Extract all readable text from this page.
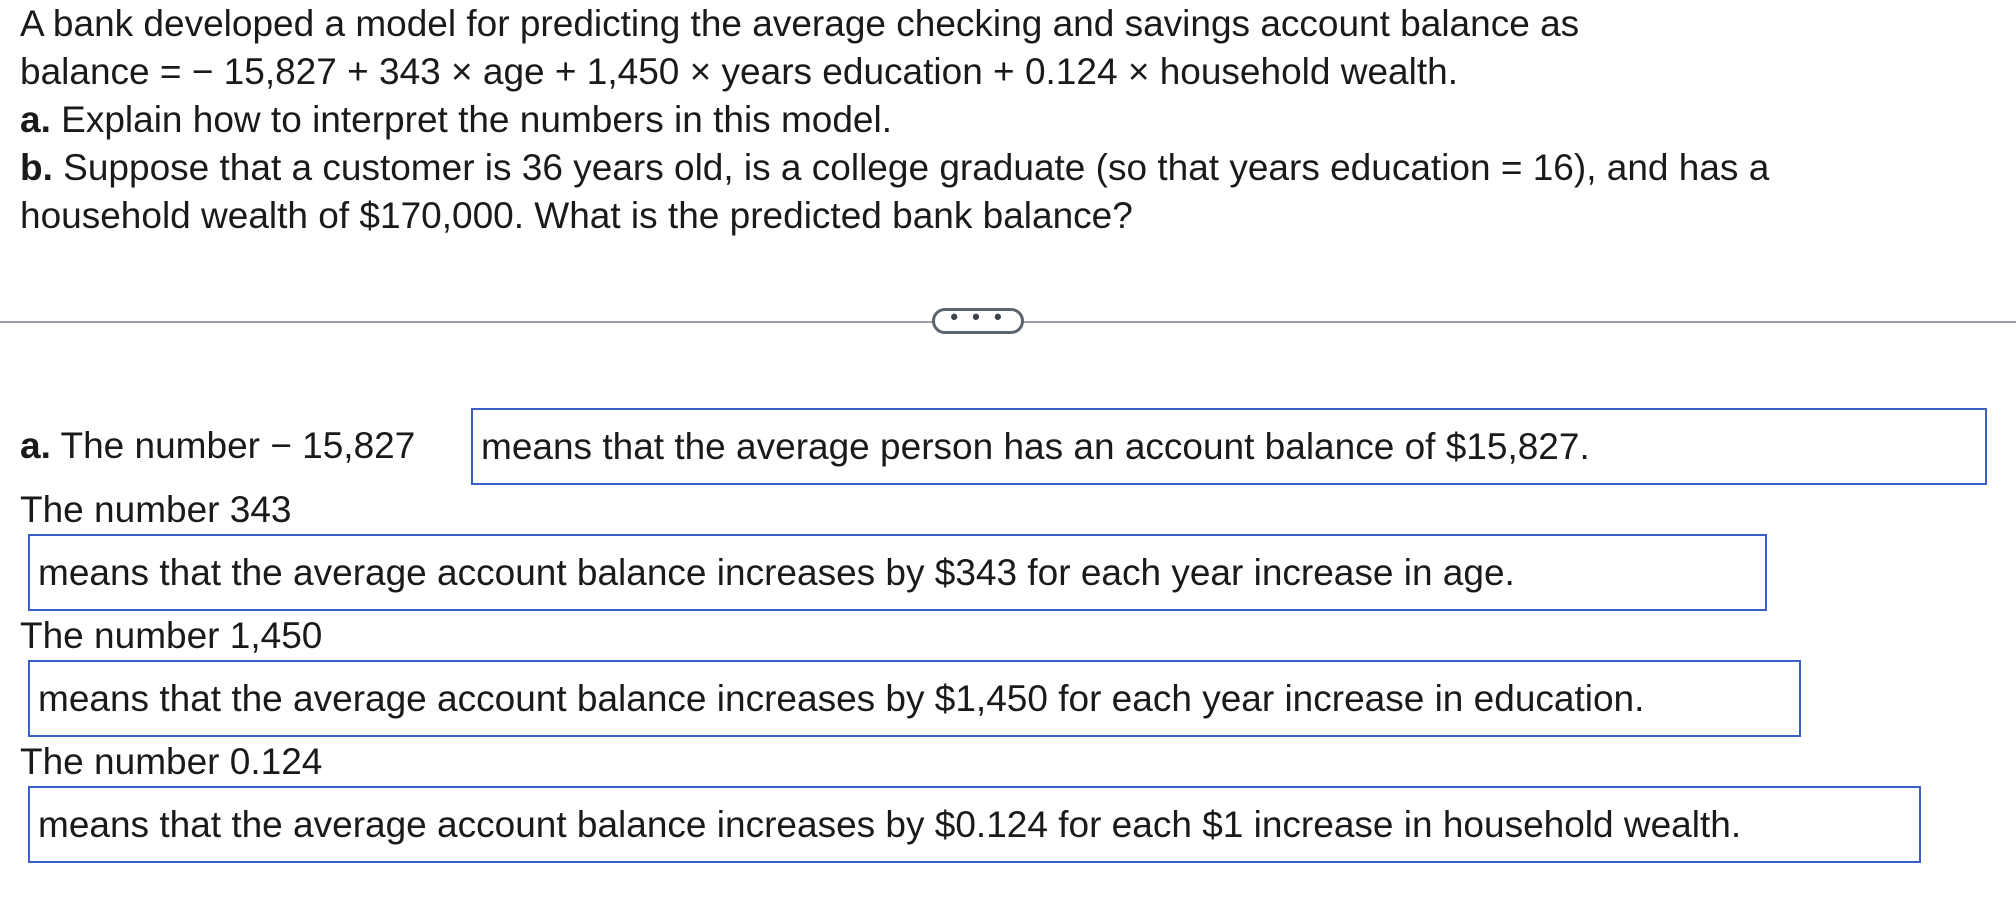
A bank developed a model for predicting the average checking and savings account balance as
balance = − 15,827 + 343 × age + 1,450 × years education + 0.124 × household wealth.
a. Explain how to interpret the numbers in this model.
b. Suppose that a customer is 36 years old, is a college graduate (so that years education = 16), and has a
household wealth of $170,000. What is the predicted bank balance?
• • •
a. The number − 15,827 means that the average person has an account balance of $15,827.
The number 343
means that the average account balance increases by $343 for each year increase in age.
The number 1,450
means that the average account balance increases by $1,450 for each year increase in education.
The number 0.124
means that the average account balance increases by $0.124 for each $1 increase in household wealth.
